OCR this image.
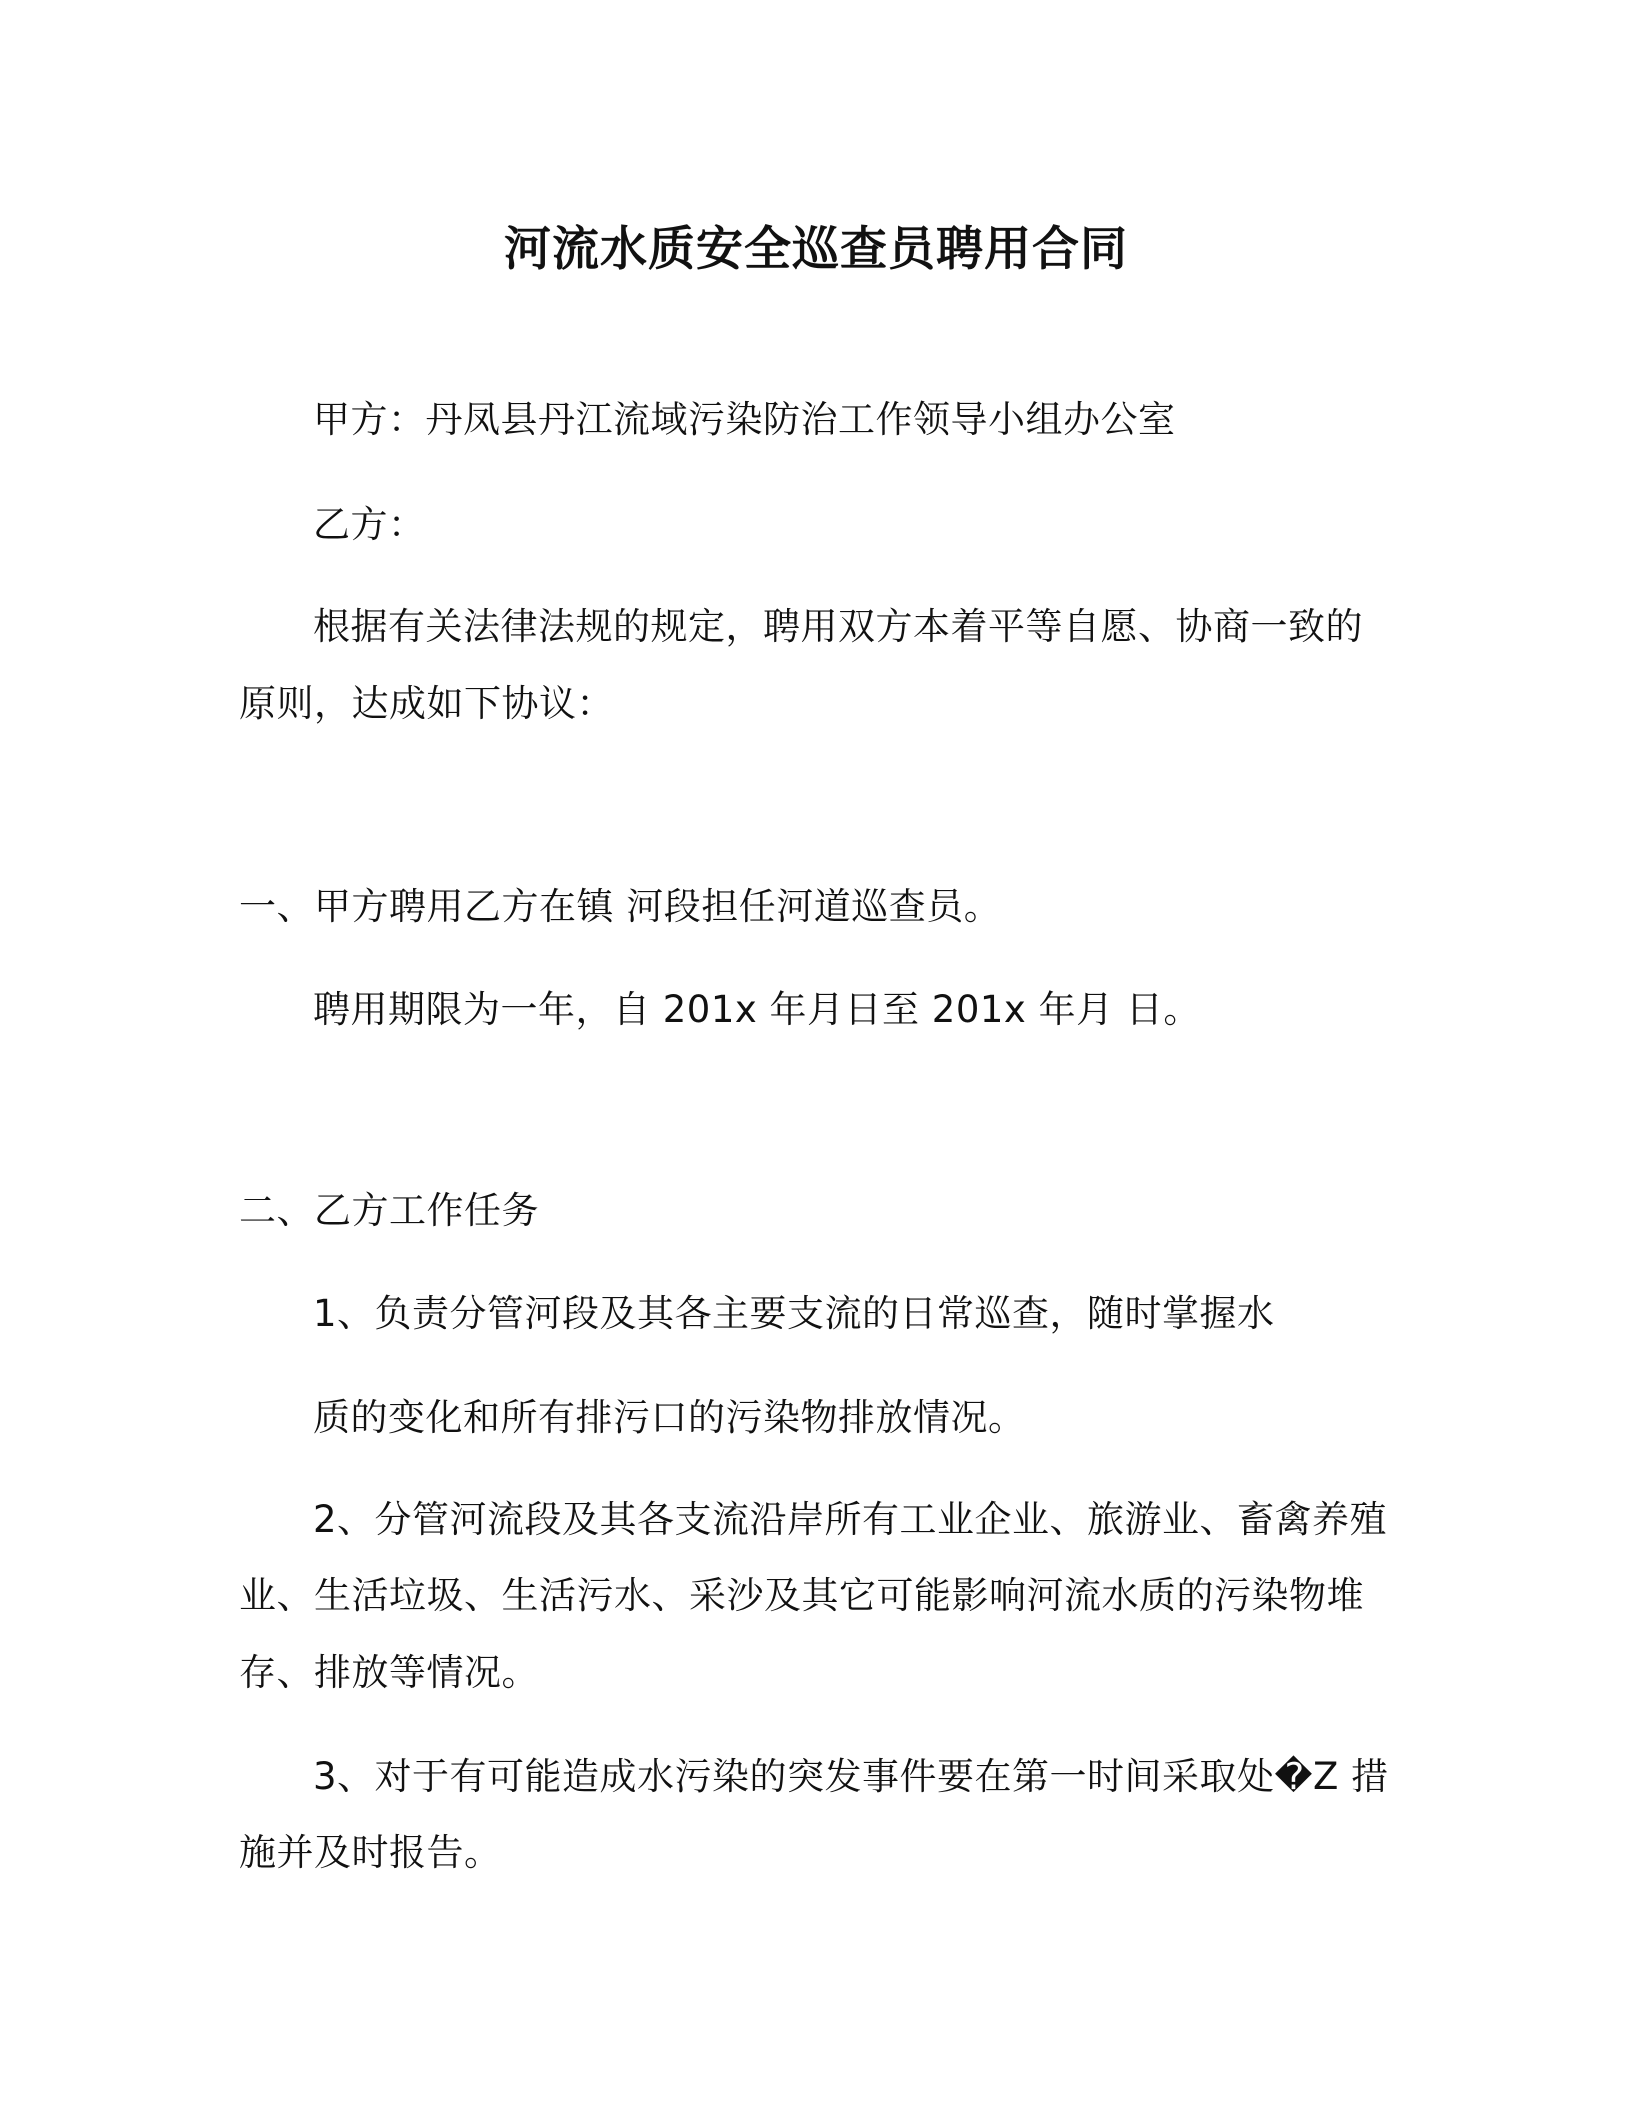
河流水质安全巡查员聘用合同
甲方：丹凤县丹江流域污染防治工作领导小组办公室
乙方：
根据有关法律法规的规定，聘用双方本着平等自愿、协商一致的
原则，达成如下协议：
一、甲方聘用乙方在镇 河段担任河道巡查员。
聘用期限为一年，自 201x 年月日至 201x 年月 日。
二、乙方工作任务
1、负责分管河段及其各主要支流的日常巡查，随时掌握水
质的变化和所有排污口的污染物排放情况。
2、分管河流段及其各支流沿岸所有工业企业、旅游业、畜禽养殖
业、生活垃圾、生活污水、采沙及其它可能影响河流水质的污染物堆
存、排放等情况。
3、对于有可能造成水污染的突发事件要在第一时间采取处�Z 措
施并及时报告。
